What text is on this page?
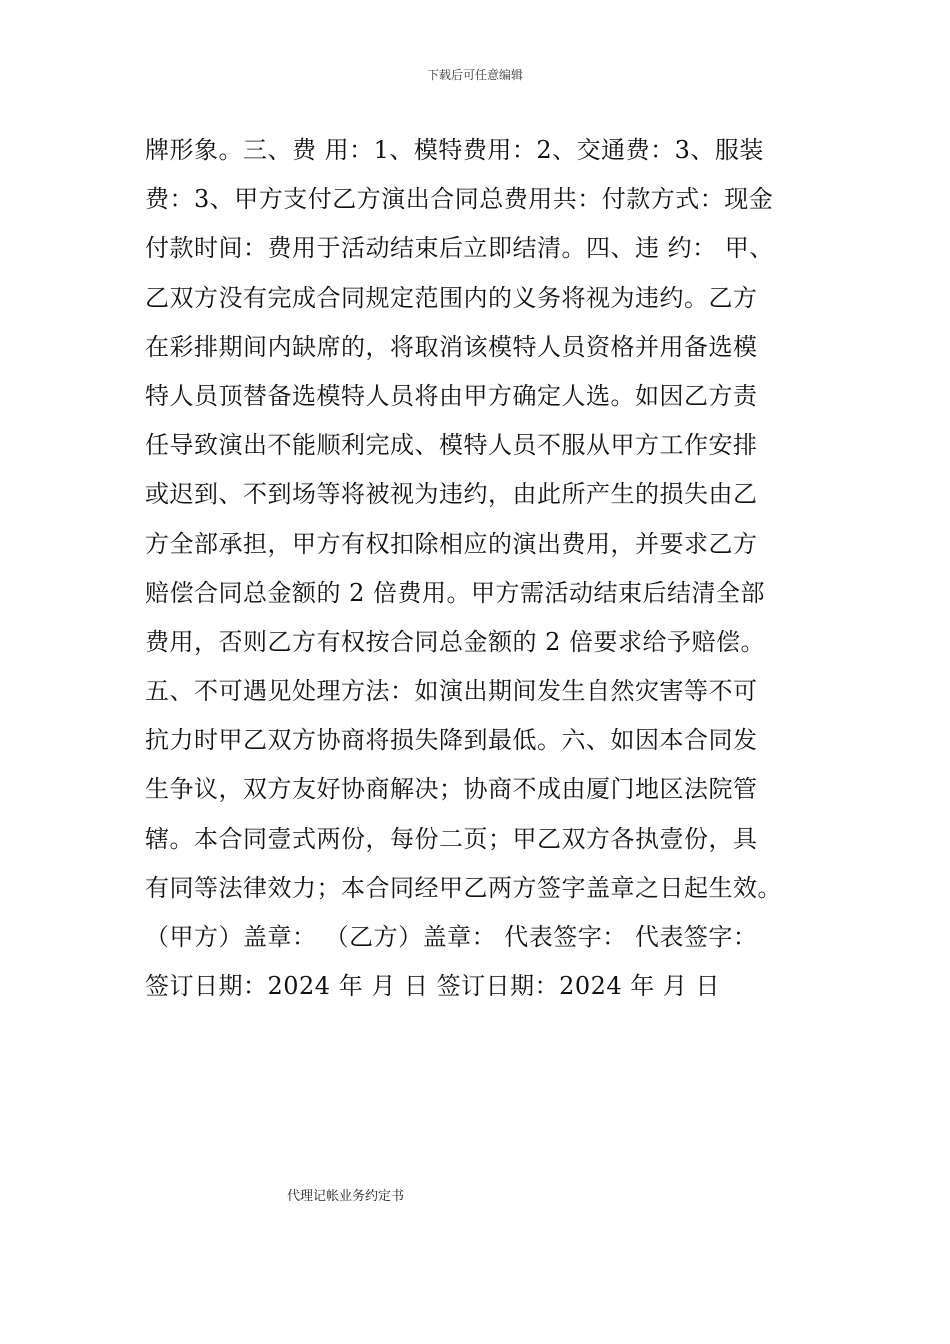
下载后可任意编辑
牌形象。三、费 用：1、模特费用：2、交通费：3、服装
费：3、甲方支付乙方演出合同总费用共：付款方式：现金
付款时间：费用于活动结束后立即结清。四、违 约： 甲、
乙双方没有完成合同规定范围内的义务将视为违约。乙方
在彩排期间内缺席的，将取消该模特人员资格并用备选模
特人员顶替备选模特人员将由甲方确定人选。如因乙方责
任导致演出不能顺利完成、模特人员不服从甲方工作安排
或迟到、不到场等将被视为违约，由此所产生的损失由乙
方全部承担，甲方有权扣除相应的演出费用，并要求乙方
赔偿合同总金额的 2 倍费用。甲方需活动结束后结清全部
费用，否则乙方有权按合同总金额的 2 倍要求给予赔偿。
五、不可遇见处理方法：如演出期间发生自然灾害等不可
抗力时甲乙双方协商将损失降到最低。六、如因本合同发
生争议，双方友好协商解决；协商不成由厦门地区法院管
辖。本合同壹式两份，每份二页；甲乙双方各执壹份，具
有同等法律效力；本合同经甲乙两方签字盖章之日起生效。
（甲方）盖章： （乙方）盖章： 代表签字： 代表签字：
签订日期：2024 年 月 日 签订日期：2024 年 月 日
代理记帐业务约定书
